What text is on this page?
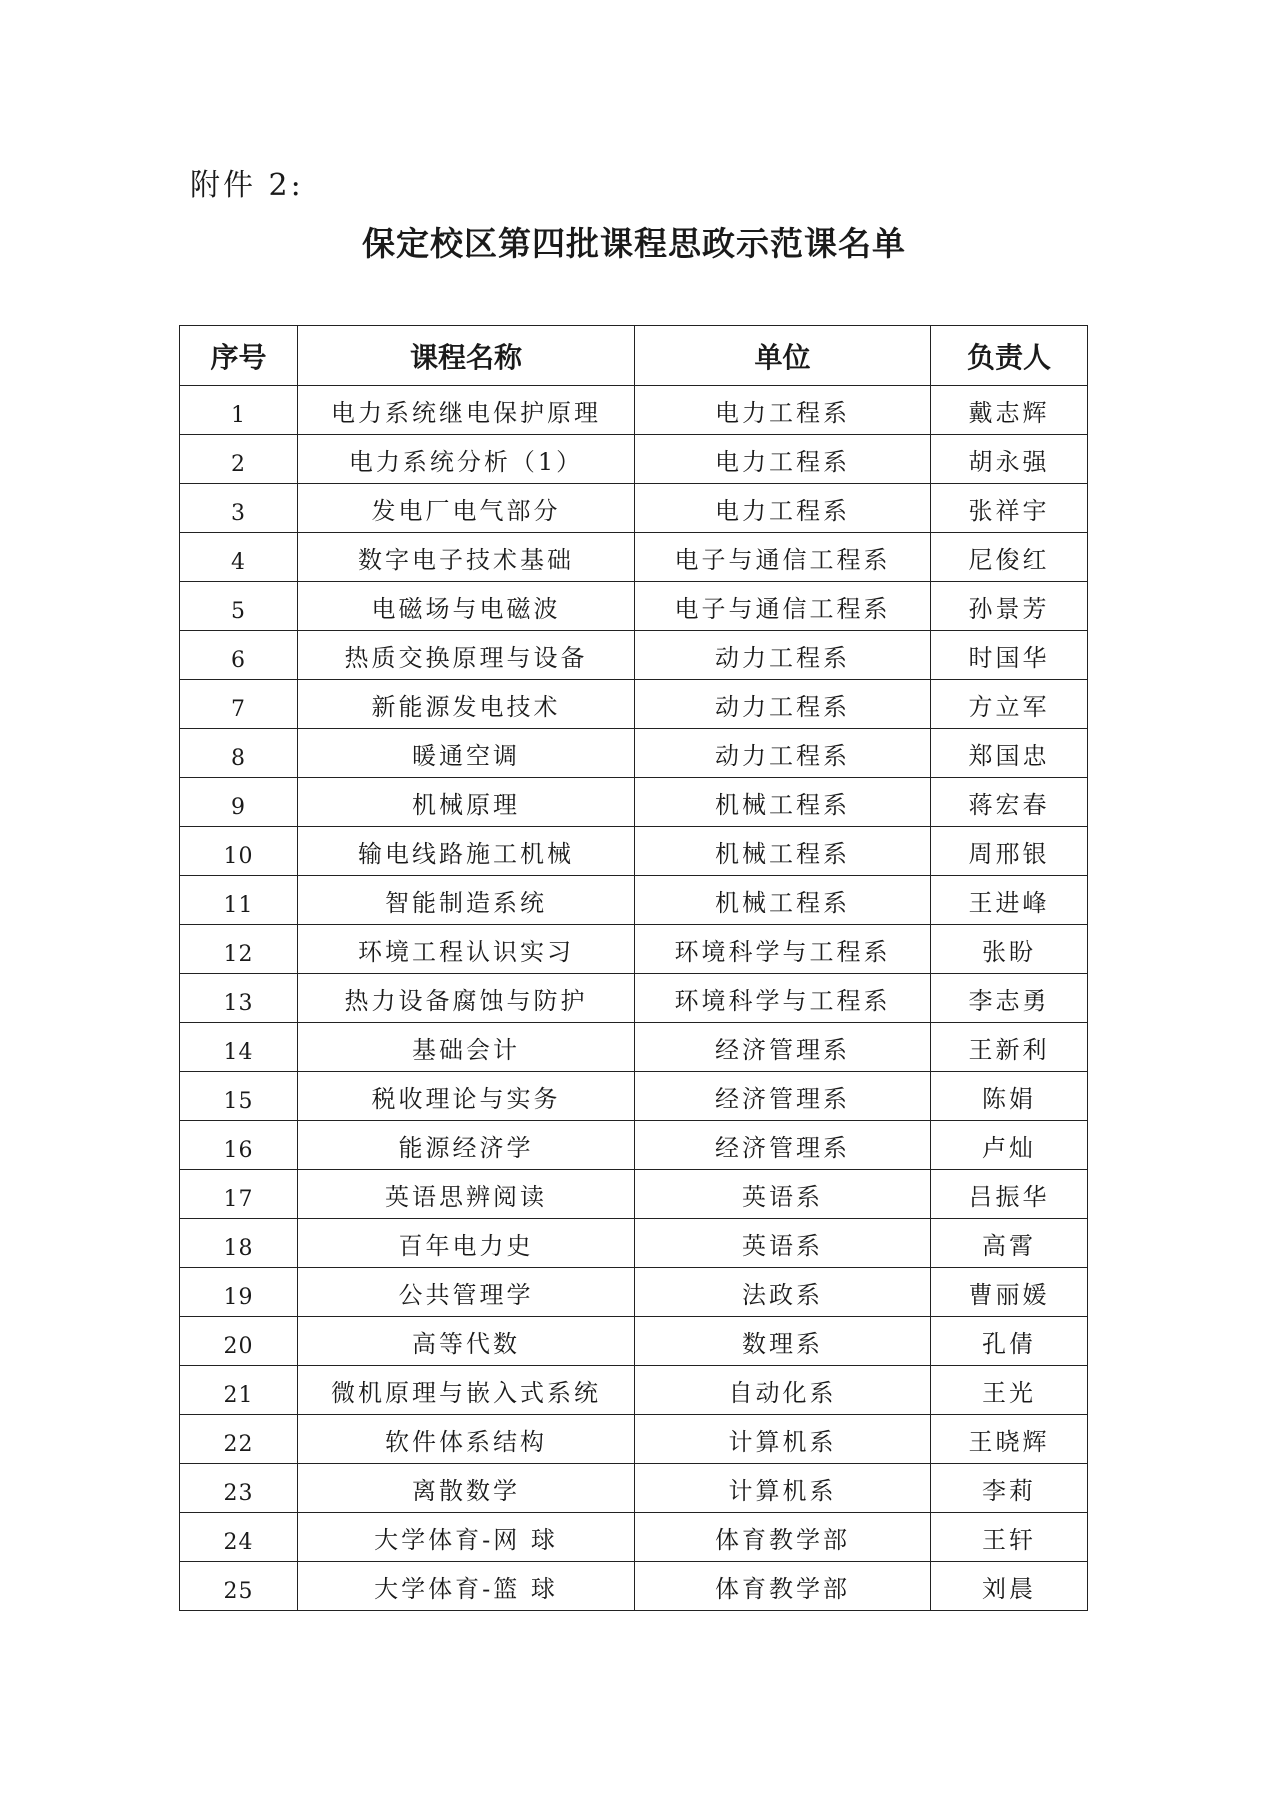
附件 2:
保定校区第四批课程思政示范课名单
序号	课程名称	单位	负责人
1	电力系统继电保护原理	电力工程系	戴志辉
2	电力系统分析（1）	电力工程系	胡永强
3	发电厂电气部分	电力工程系	张祥宇
4	数字电子技术基础	电子与通信工程系	尼俊红
5	电磁场与电磁波	电子与通信工程系	孙景芳
6	热质交换原理与设备	动力工程系	时国华
7	新能源发电技术	动力工程系	方立军
8	暖通空调	动力工程系	郑国忠
9	机械原理	机械工程系	蒋宏春
10	输电线路施工机械	机械工程系	周邢银
11	智能制造系统	机械工程系	王进峰
12	环境工程认识实习	环境科学与工程系	张盼
13	热力设备腐蚀与防护	环境科学与工程系	李志勇
14	基础会计	经济管理系	王新利
15	税收理论与实务	经济管理系	陈娟
16	能源经济学	经济管理系	卢灿
17	英语思辨阅读	英语系	吕振华
18	百年电力史	英语系	高霄
19	公共管理学	法政系	曹丽媛
20	高等代数	数理系	孔倩
21	微机原理与嵌入式系统	自动化系	王光
22	软件体系结构	计算机系	王晓辉
23	离散数学	计算机系	李莉
24	大学体育-网 球	体育教学部	王轩
25	大学体育-篮 球	体育教学部	刘晨
